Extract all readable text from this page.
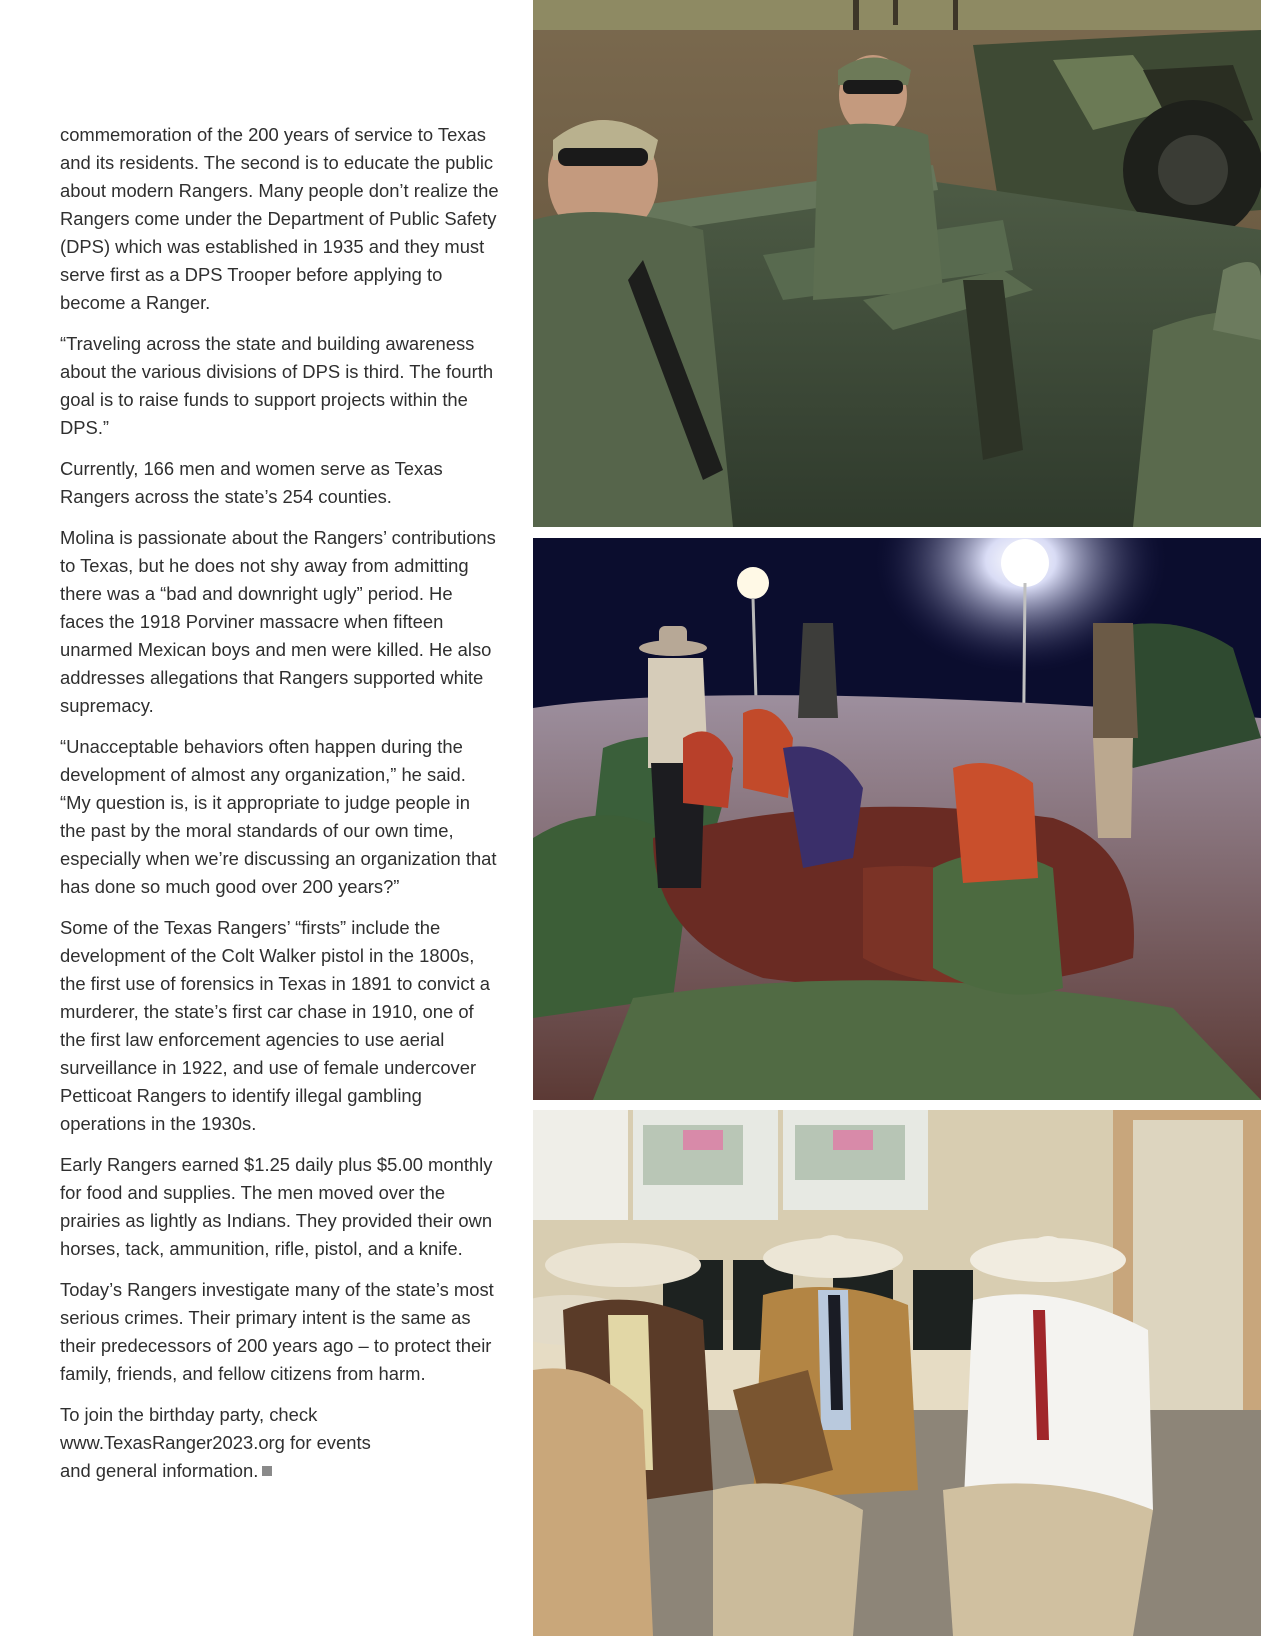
commemoration of the 200 years of service to Texas and its residents. The second is to educate the public about modern Rangers. Many people don’t realize the Rangers come under the Department of Public Safety (DPS) which was established in 1935 and they must serve first as a DPS Trooper before applying to become a Ranger.

“Traveling across the state and building awareness about the various divisions of DPS is third. The fourth goal is to raise funds to support projects within the DPS.”

Currently, 166 men and women serve as Texas Rangers across the state’s 254 counties.

Molina is passionate about the Rangers’ contributions to Texas, but he does not shy away from admitting there was a “bad and downright ugly” period. He faces the 1918 Porviner massacre when fifteen unarmed Mexican boys and men were killed. He also addresses allegations that Rangers supported white supremacy.

“Unacceptable behaviors often happen during the development of almost any organization,” he said. “My question is, is it appropriate to judge people in the past by the moral standards of our own time, especially when we’re discussing an organization that has done so much good over 200 years?”

Some of the Texas Rangers’ “firsts” include the development of the Colt Walker pistol in the 1800s, the first use of forensics in Texas in 1891 to convict a murderer, the state’s first car chase in 1910, one of the first law enforcement agencies to use aerial surveillance in 1922, and use of female undercover Petticoat Rangers to identify illegal gambling operations in the 1930s.

Early Rangers earned $1.25 daily plus $5.00 monthly for food and supplies. The men moved over the prairies as lightly as Indians. They provided their own horses, tack, ammunition, rifle, pistol, and a knife.

Today’s Rangers investigate many of the state’s most serious crimes. Their primary intent is the same as their predecessors of 200 years ago – to protect their family, friends, and fellow citizens from harm.

To join the birthday party, check
www.TexasRanger2023.org for events
and general information.
